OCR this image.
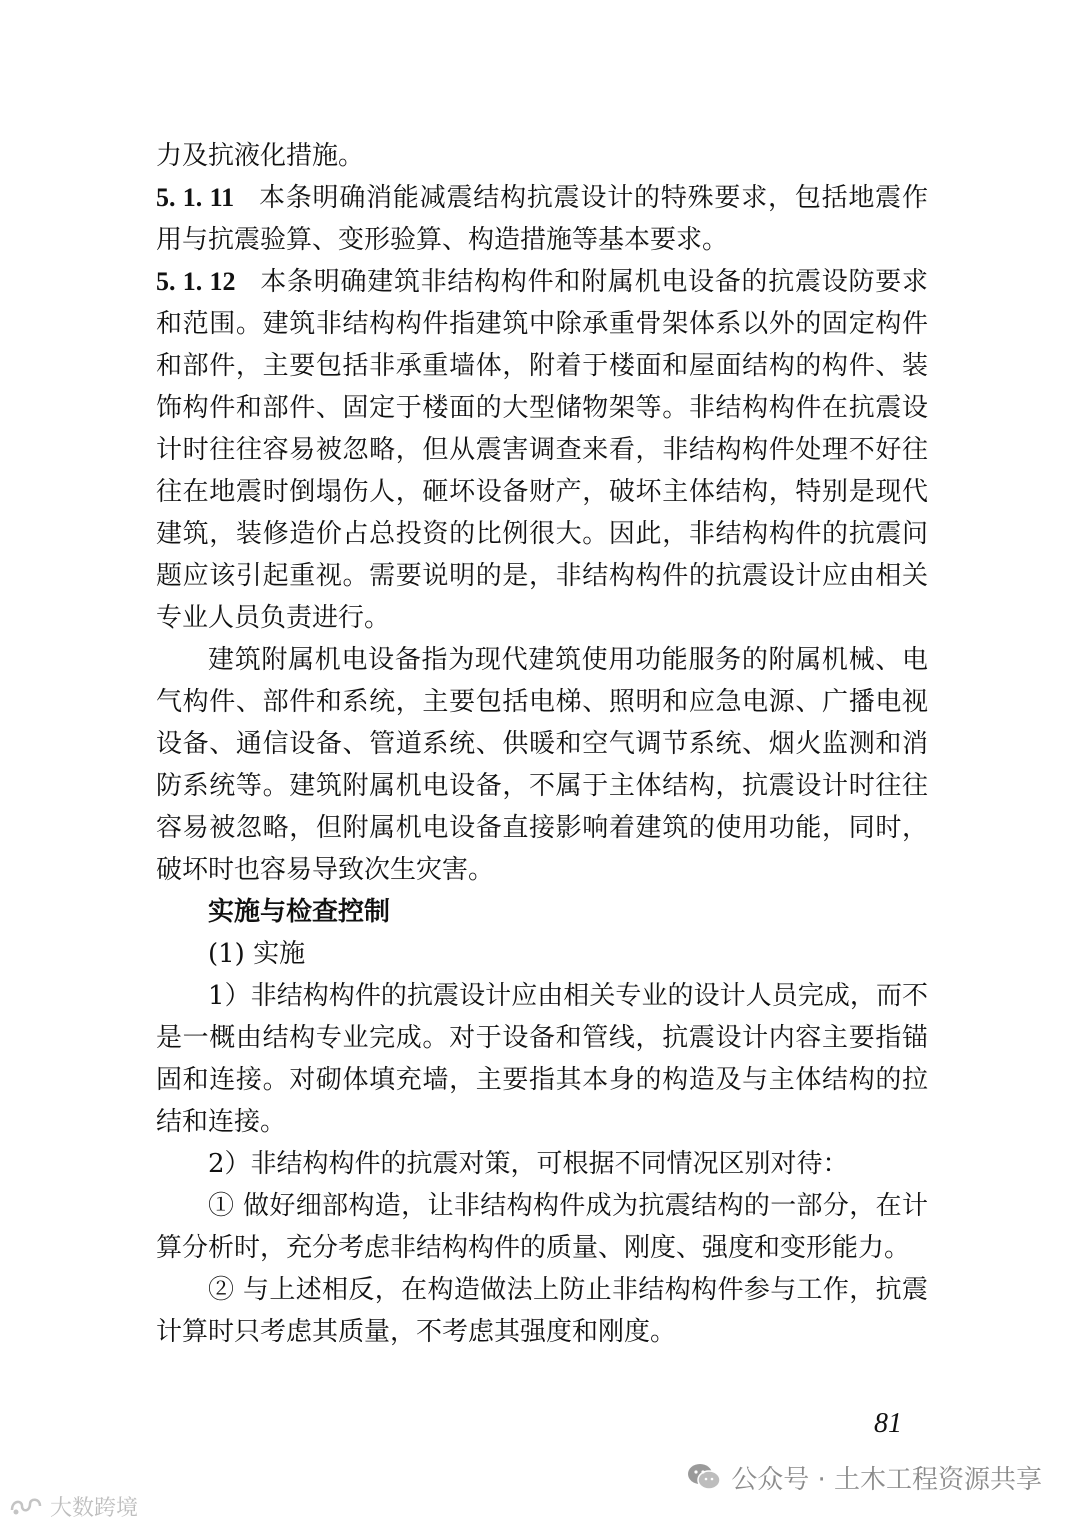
力及抗液化措施。

5. 1. 11 本条明确消能减震结构抗震设计的特殊要求，包括地震作用与抗震验算、变形验算、构造措施等基本要求。

5. 1. 12 本条明确建筑非结构构件和附属机电设备的抗震设防要求和范围。建筑非结构构件指建筑中除承重骨架体系以外的固定构件和部件，主要包括非承重墙体，附着于楼面和屋面结构的构件、装饰构件和部件、固定于楼面的大型储物架等。非结构构件在抗震设计时往往容易被忽略，但从震害调查来看，非结构构件处理不好往往在地震时倒塌伤人，砸坏设备财产，破坏主体结构，特别是现代建筑，装修造价占总投资的比例很大。因此，非结构构件的抗震问题应该引起重视。需要说明的是，非结构构件的抗震设计应由相关专业人员负责进行。

建筑附属机电设备指为现代建筑使用功能服务的附属机械、电气构件、部件和系统，主要包括电梯、照明和应急电源、广播电视设备、通信设备、管道系统、供暖和空气调节系统、烟火监测和消防系统等。建筑附属机电设备，不属于主体结构，抗震设计时往往容易被忽略，但附属机电设备直接影响着建筑的使用功能，同时，破坏时也容易导致次生灾害。

实施与检查控制

(1) 实施

1）非结构构件的抗震设计应由相关专业的设计人员完成，而不是一概由结构专业完成。对于设备和管线，抗震设计内容主要指锚固和连接。对砌体填充墙，主要指其本身的构造及与主体结构的拉结和连接。

2）非结构构件的抗震对策，可根据不同情况区别对待：

① 做好细部构造，让非结构构件成为抗震结构的一部分，在计算分析时，充分考虑非结构构件的质量、刚度、强度和变形能力。

② 与上述相反，在构造做法上防止非结构构件参与工作，抗震计算时只考虑其质量，不考虑其强度和刚度。

81
公众号 · 土木工程资源共享
大数跨境
